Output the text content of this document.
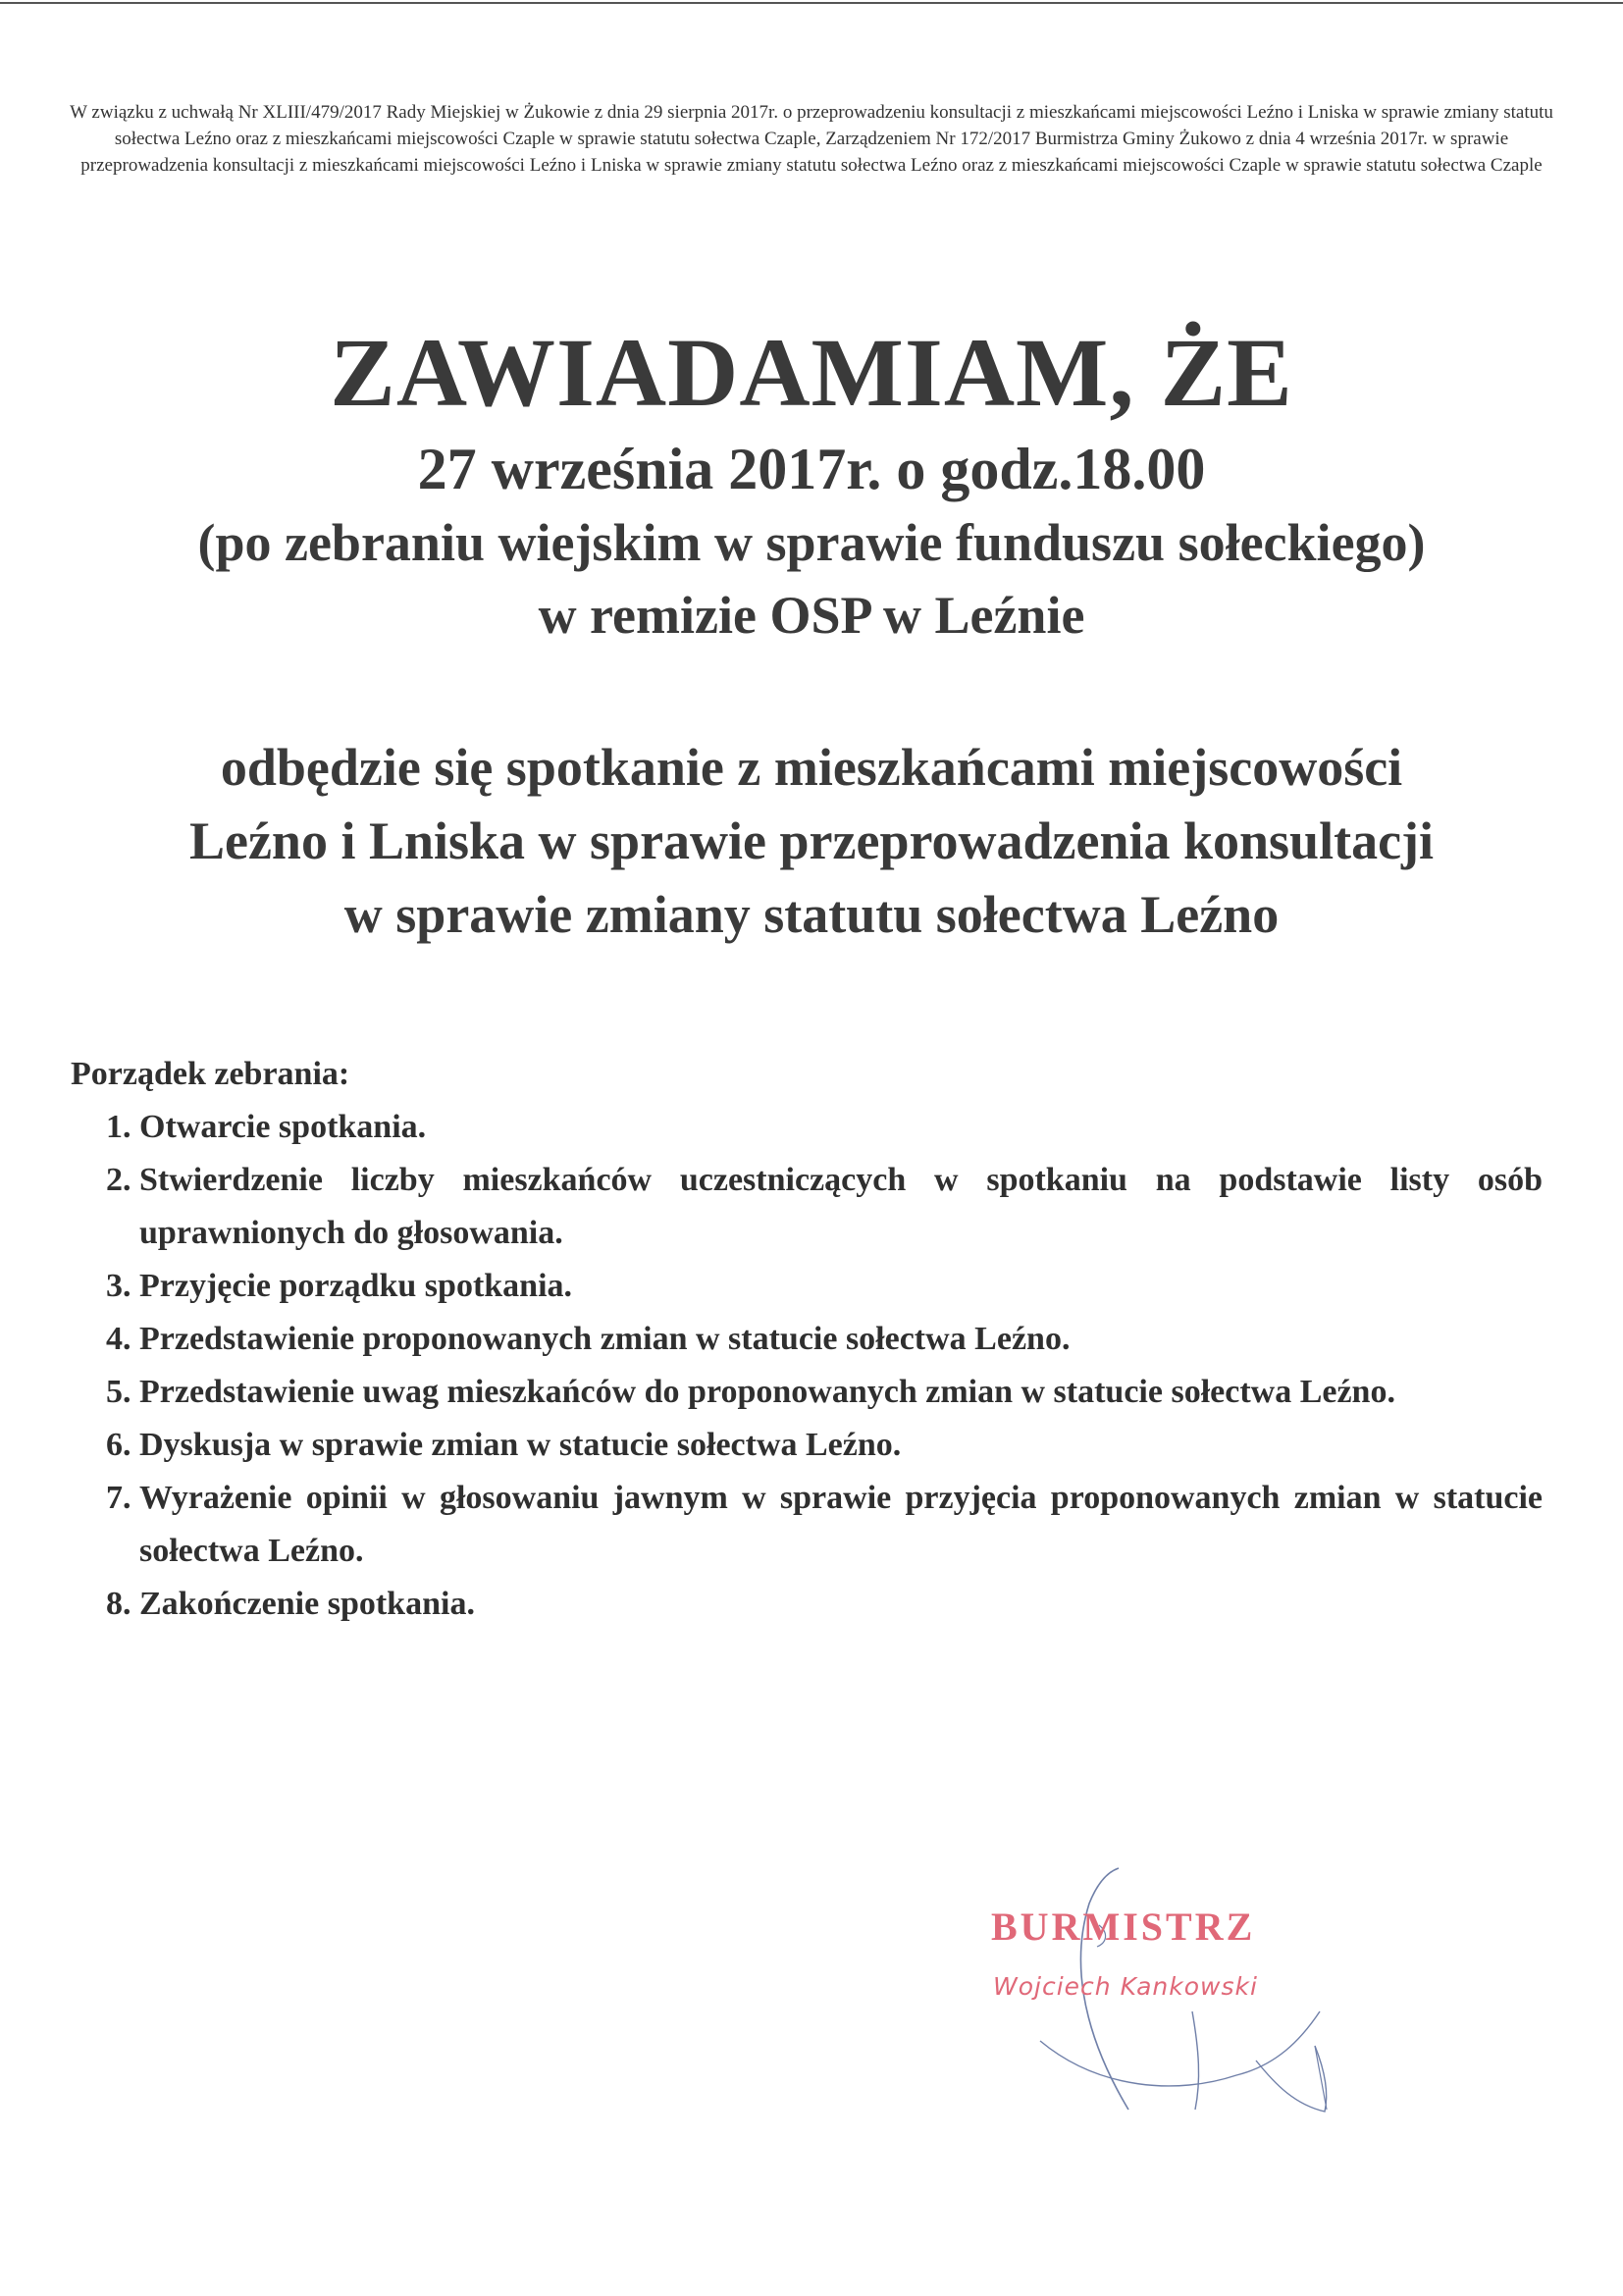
W związku z uchwałą Nr XLIII/479/2017 Rady Miejskiej w Żukowie z dnia 29 sierpnia 2017r. o przeprowadzeniu konsultacji z mieszkańcami miejscowości Leźno i Lniska w sprawie zmiany statutu sołectwa Leźno oraz z mieszkańcami miejscowości Czaple w sprawie statutu sołectwa Czaple, Zarządzeniem Nr 172/2017 Burmistrza Gminy Żukowo z dnia 4 września 2017r. w sprawie przeprowadzenia konsultacji z mieszkańcami miejscowości Leźno i Lniska w sprawie zmiany statutu sołectwa Leźno oraz z mieszkańcami miejscowości Czaple w sprawie statutu sołectwa Czaple

ZAWIADAMIAM, ŻE

27 września 2017r. o godz.18.00

(po zebraniu wiejskim w sprawie funduszu sołeckiego)

w remizie OSP w Leźnie

odbędzie się spotkanie z mieszkańcami miejscowości
Leźno i Lniska w sprawie przeprowadzenia konsultacji
w sprawie zmiany statutu sołectwa Leźno

Porządek zebrania:

1. Otwarcie spotkania.
2. Stwierdzenie liczby mieszkańców uczestniczących w spotkaniu na podstawie listy osób uprawnionych do głosowania.
3. Przyjęcie porządku spotkania.
4. Przedstawienie proponowanych zmian w statucie sołectwa Leźno.
5. Przedstawienie uwag mieszkańców do proponowanych zmian w statucie sołectwa Leźno.
6. Dyskusja w sprawie zmian w statucie sołectwa Leźno.
7. Wyrażenie opinii w głosowaniu jawnym w sprawie przyjęcia proponowanych zmian w statucie sołectwa Leźno.
8. Zakończenie spotkania.
BURMISTRZ
Wojciech Kankowski
